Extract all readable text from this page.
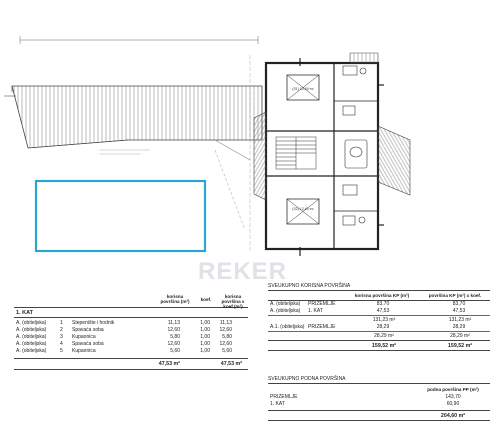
(S1) 12,60 m²
(S2) 12,60 m²
REKER
korisna površina (m²)	koef.
korisna površina x koef.(m²)
1. KAT
A. (obiteljska)	1 Stepenište i hodnik	11,13	1,00	11,13
A. (obiteljska)	2 Spavaća soba	12,60	1,00	12,60
A. (obiteljska)	3 Kupaonica	5,80	1,00	5,80
A. (obiteljska)	4 Spavaća soba	12,60	1,00	12,60
A. (obiteljska)	5 Kupaonica	5,60	1,00	5,60
47,53 m²	47,53 m²
SVEUKUPNO KORISNA POVRŠINA
korisna površina KP (m²)	površina KP (m²) x koef.
A. (obiteljska) PRIZEMLJE	83,70	83,70
A. (obiteljska) 1. KAT	47,53	47,53
131,23 m²	131,23 m²
A.1. (obiteljska) PRIZEMLJE	28,29	28,29
28,29 m²	28,29 m²
159,52 m²	159,52 m²
SVEUKUPNO PODNA POVRŠINA
podna površina PP (m²)
PRIZEMLJE	143,70
1. KAT	60,90
204,60 m²
